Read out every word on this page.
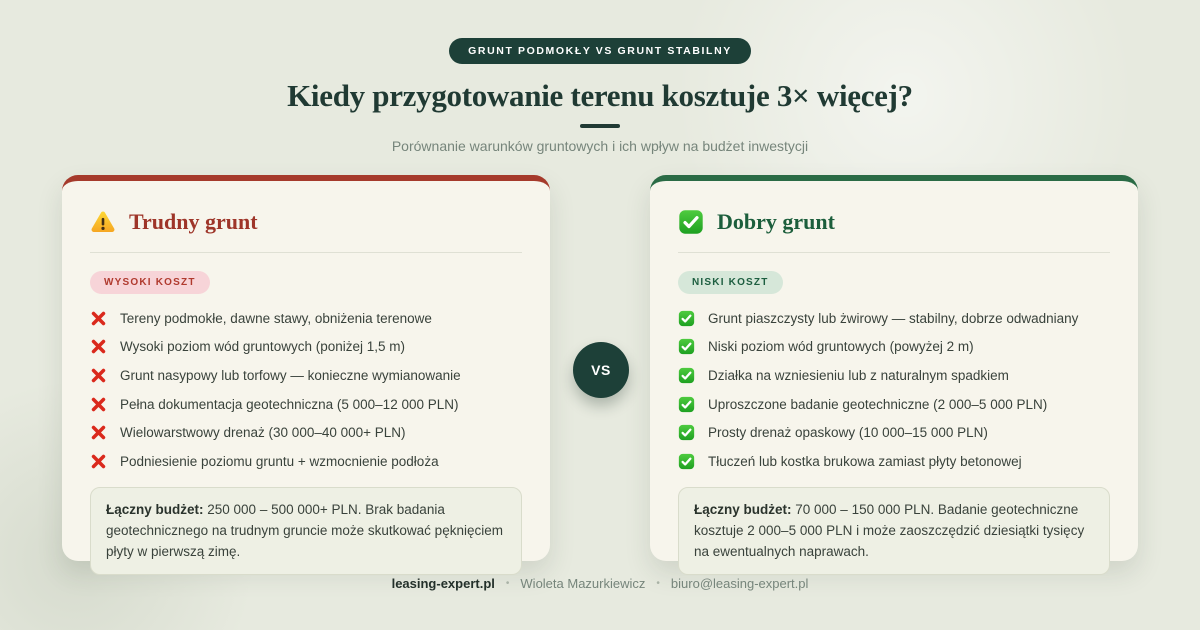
GRUNT PODMOKŁY VS GRUNT STABILNY
Kiedy przygotowanie terenu kosztuje 3× więcej?

Porównanie warunków gruntowych i ich wpływ na budżet inwestycji

Trudny grunt
WYSOKI KOSZT
Tereny podmokłe, dawne stawy, obniżenia terenowe
Wysoki poziom wód gruntowych (poniżej 1,5 m)
Grunt nasypowy lub torfowy — konieczne wymianowanie
Pełna dokumentacja geotechniczna (5 000–12 000 PLN)
Wielowarstwowy drenaż (30 000–40 000+ PLN)
Podniesienie poziomu gruntu + wzmocnienie podłoża

Łączny budżet: 250 000 – 500 000+ PLN. Brak badania geotechnicznego na trudnym gruncie może skutkować pęknięciem płyty w pierwszą zimę.

VS
Dobry grunt
NISKI KOSZT
Grunt piaszczysty lub żwirowy — stabilny, dobrze odwadniany
Niski poziom wód gruntowych (powyżej 2 m)
Działka na wzniesieniu lub z naturalnym spadkiem
Uproszczone badanie geotechniczne (2 000–5 000 PLN)
Prosty drenaż opaskowy (10 000–15 000 PLN)
Tłuczeń lub kostka brukowa zamiast płyty betonowej

Łączny budżet: 70 000 – 150 000 PLN. Badanie geotechniczne kosztuje 2 000–5 000 PLN i może zaoszczędzić dziesiątki tysięcy na ewentualnych naprawach.

leasing-expert.pl • Wioleta Mazurkiewicz • biuro@leasing-expert.pl
